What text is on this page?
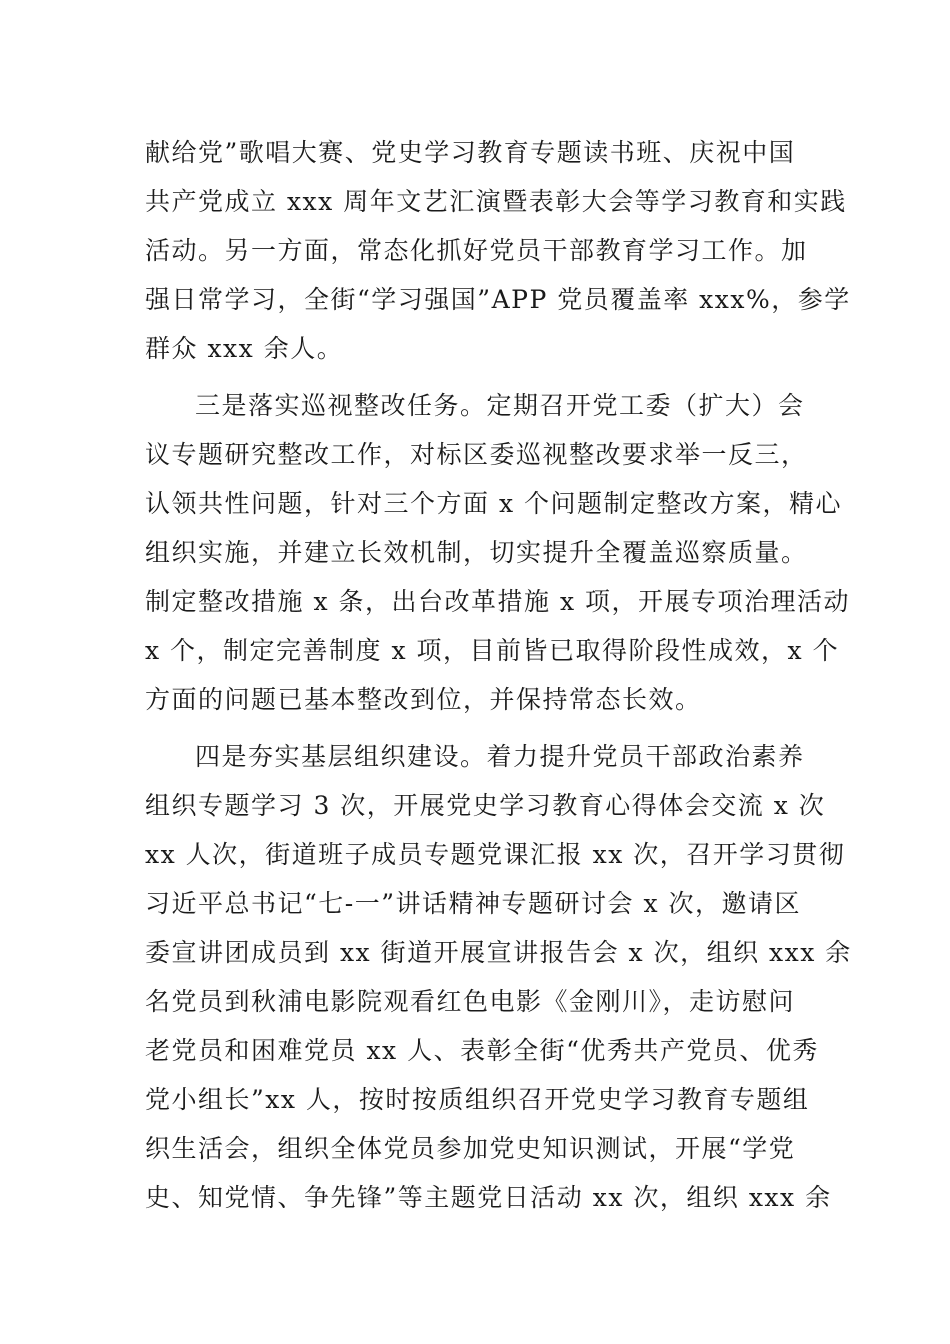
献给党”歌唱大赛、党史学习教育专题读书班、庆祝中国
共产党成立 xxx 周年文艺汇演暨表彰大会等学习教育和实践
活动。另一方面，常态化抓好党员干部教育学习工作。加
强日常学习，全街“学习强国”APP 党员覆盖率 xxx%，参学
群众 xxx 余人。
三是落实巡视整改任务。定期召开党工委（扩大）会
议专题研究整改工作，对标区委巡视整改要求举一反三，
认领共性问题，针对三个方面 x 个问题制定整改方案，精心
组织实施，并建立长效机制，切实提升全覆盖巡察质量。
制定整改措施 x 条，出台改革措施 x 项，开展专项治理活动
x 个，制定完善制度 x 项，目前皆已取得阶段性成效，x 个
方面的问题已基本整改到位，并保持常态长效。
四是夯实基层组织建设。着力提升党员干部政治素养
组织专题学习 3 次，开展党史学习教育心得体会交流 x 次
xx 人次，街道班子成员专题党课汇报 xx 次，召开学习贯彻
习近平总书记“七-一”讲话精神专题研讨会 x 次，邀请区
委宣讲团成员到 xx 街道开展宣讲报告会 x 次，组织 xxx 余
名党员到秋浦电影院观看红色电影《金刚川》，走访慰问
老党员和困难党员 xx 人、表彰全街“优秀共产党员、优秀
党小组长”xx 人，按时按质组织召开党史学习教育专题组
织生活会，组织全体党员参加党史知识测试，开展“学党
史、知党情、争先锋”等主题党日活动 xx 次，组织 xxx 余
